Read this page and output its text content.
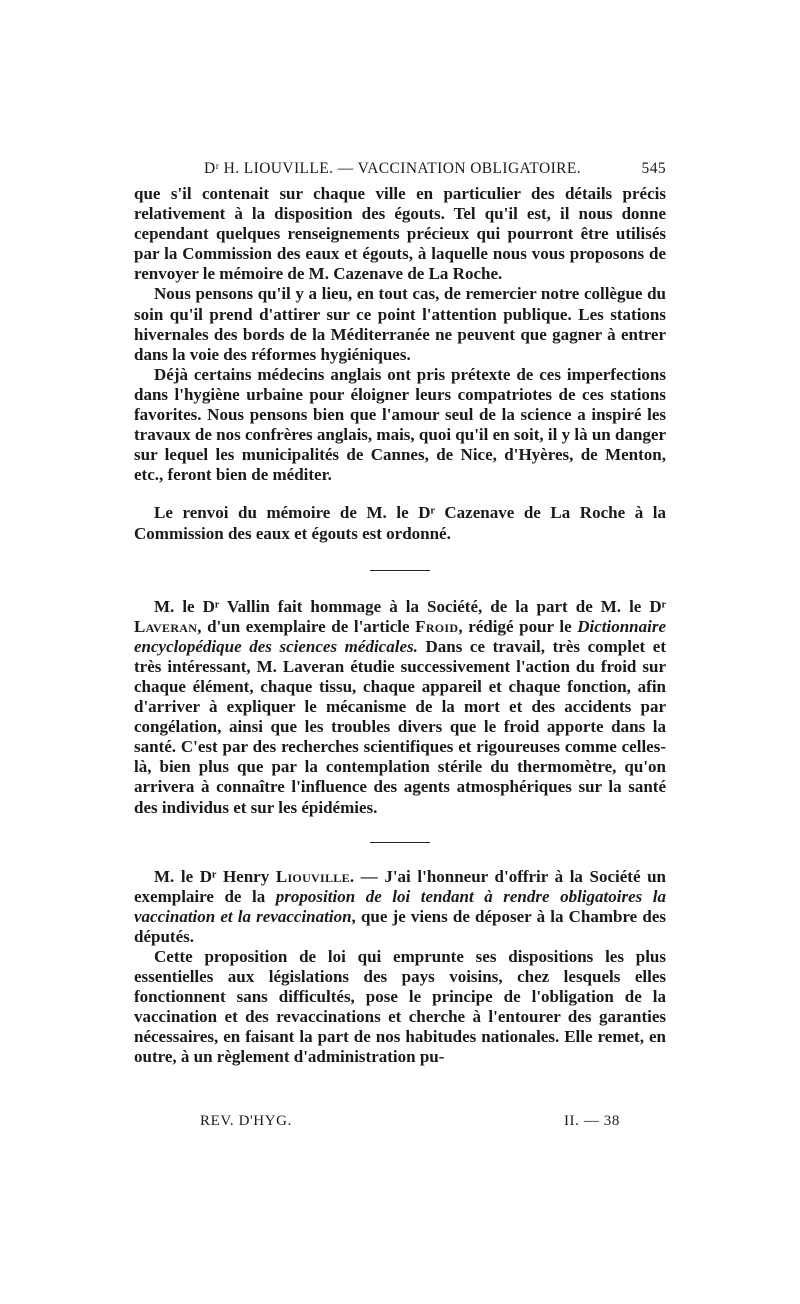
Dʳ H. LIOUVILLE. — VACCINATION OBLIGATOIRE.	545

que s'il contenait sur chaque ville en particulier des détails précis relativement à la disposition des égouts. Tel qu'il est, il nous donne cependant quelques renseignements précieux qui pourront être utilisés par la Commission des eaux et égouts, à laquelle nous vous proposons de renvoyer le mémoire de M. Cazenave de La Roche.

Nous pensons qu'il y a lieu, en tout cas, de remercier notre collègue du soin qu'il prend d'attirer sur ce point l'attention publique. Les stations hivernales des bords de la Méditerranée ne peuvent que gagner à entrer dans la voie des réformes hygiéniques.

Déjà certains médecins anglais ont pris prétexte de ces imperfections dans l'hygiène urbaine pour éloigner leurs compatriotes de ces stations favorites. Nous pensons bien que l'amour seul de la science a inspiré les travaux de nos confrères anglais, mais, quoi qu'il en soit, il y là un danger sur lequel les municipalités de Cannes, de Nice, d'Hyères, de Menton, etc., feront bien de méditer.

Le renvoi du mémoire de M. le Dʳ Cazenave de La Roche à la Commission des eaux et égouts est ordonné.

M. le Dʳ Vallin fait hommage à la Société, de la part de M. le Dʳ Laveran, d'un exemplaire de l'article Froid, rédigé pour le Dictionnaire encyclopédique des sciences médicales. Dans ce travail, très complet et très intéressant, M. Laveran étudie successivement l'action du froid sur chaque élément, chaque tissu, chaque appareil et chaque fonction, afin d'arriver à expliquer le mécanisme de la mort et des accidents par congélation, ainsi que les troubles divers que le froid apporte dans la santé. C'est par des recherches scientifiques et rigoureuses comme celles-là, bien plus que par la contemplation stérile du thermomètre, qu'on arrivera à connaître l'influence des agents atmosphériques sur la santé des individus et sur les épidémies.

M. le Dʳ Henry Liouville. — J'ai l'honneur d'offrir à la Société un exemplaire de la proposition de loi tendant à rendre obligatoires la vaccination et la revaccination, que je viens de déposer à la Chambre des députés.

Cette proposition de loi qui emprunte ses dispositions les plus essentielles aux législations des pays voisins, chez lesquels elles fonctionnent sans difficultés, pose le principe de l'obligation de la vaccination et des revaccinations et cherche à l'entourer des garanties nécessaires, en faisant la part de nos habitudes nationales. Elle remet, en outre, à un règlement d'administration pu-

REV. D'HYG.	II. — 38
